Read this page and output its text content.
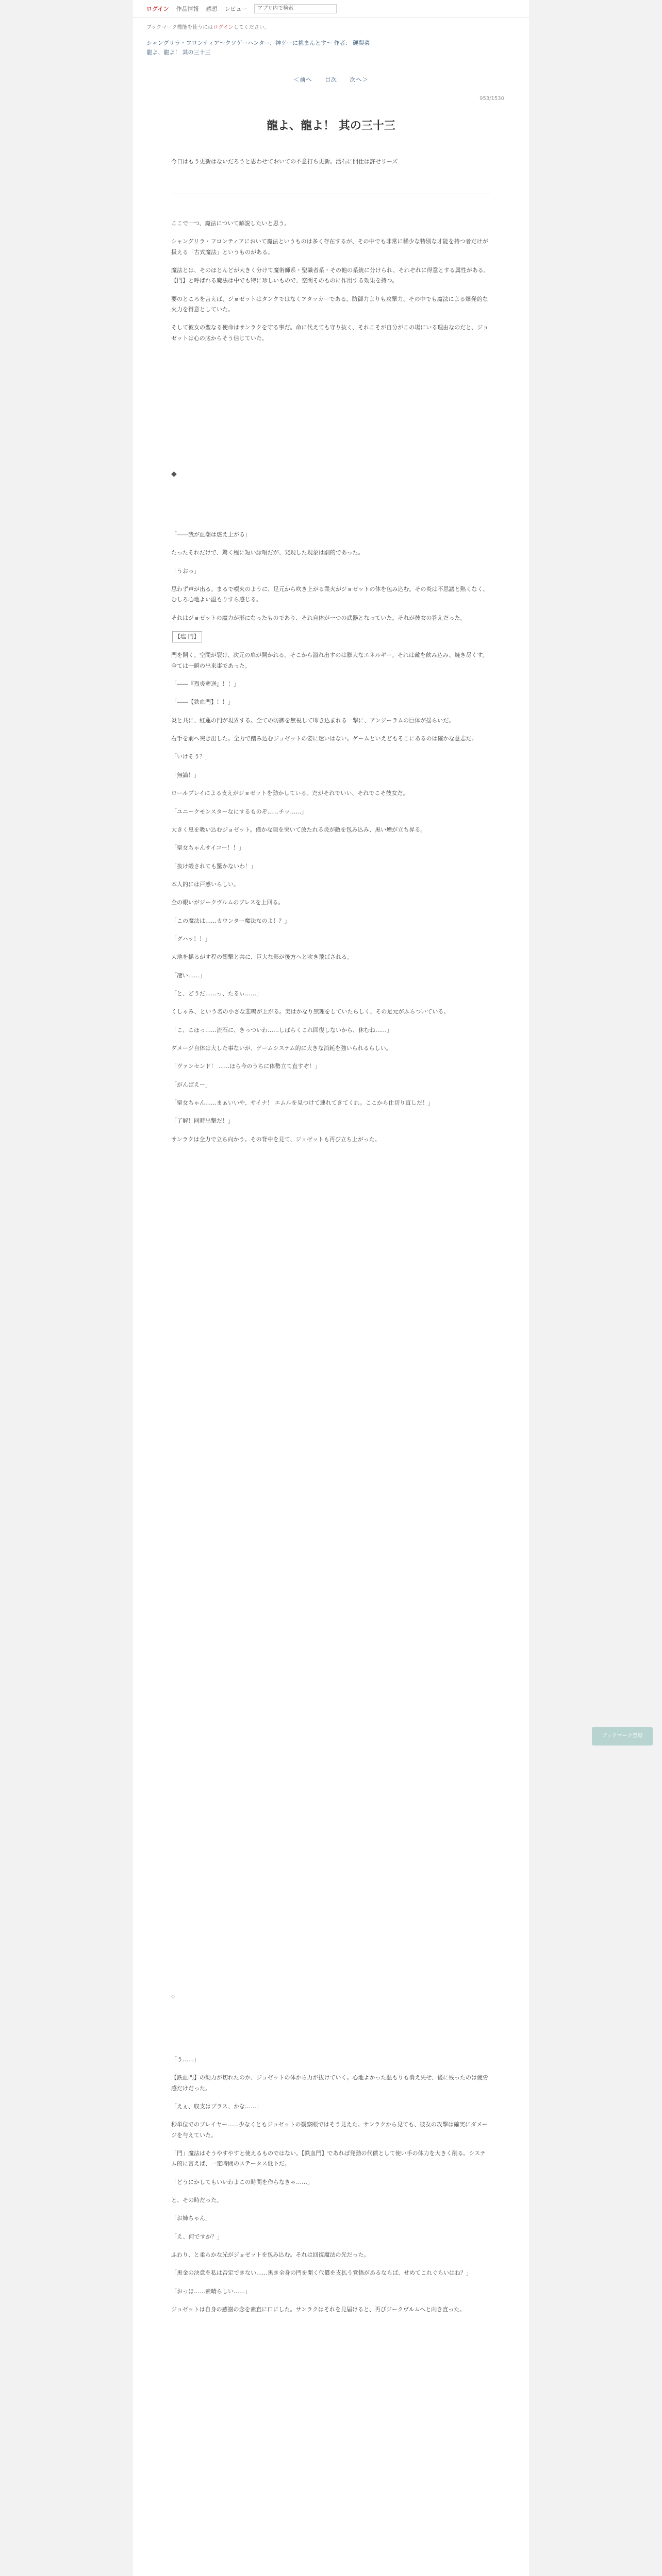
ログイン 作品情報 感想 レビュー
アプリ内で検索
ブックマーク機能を使うにはログインしてください。
シャングリラ・フロンティア～クソゲーハンター、神ゲーに挑まんとす～ 作者： 硬梨菜
龍よ、龍よ！ 其の三十三
＜前へ 目次 次へ＞
953/1530
龍よ、龍よ！ 其の三十三

今日はもう更新はないだろうと思わせておいての不意打ち更新。活石に開仕は許せリーズ

ここで一つ、魔法について解説したいと思う。

シャングリラ・フロンティアにおいて魔法というものは多く存在するが、その中でも非常に稀少な特別な才能を持つ者だけが扱える「古式魔法」というものがある。

魔法とは、そのほとんどが大きく分けて魔術師系・聖職者系・その他の系統に分けられ、それぞれに得意とする属性がある。【門】と呼ばれる魔法は中でも特に珍しいもので、空間そのものに作用する効果を持つ。

要のところを言えば、ジョゼットはタンクではなくアタッカーである。防御力よりも攻撃力、その中でも魔法による爆発的な火力を得意としていた。

そして彼女の聖なる使命はサンラクを守る事だ。命に代えても守り抜く、それこそが自分がこの場にいる理由なのだと、ジョゼットは心の底からそう信じていた。

◆

「――我が血潮は燃え上がる」

たったそれだけで、驚く程に短い詠唱だが、発現した現象は劇的であった。

「うおっ」

思わず声が出る。まるで噴火のように、足元から吹き上がる業火がジョゼットの体を包み込む。その炎は不思議と熱くなく、むしろ心地よい温もりすら感じる。

それはジョゼットの魔力が形になったものであり、それ自体が一つの武器となっていた。それが彼女の答えだった。

【塩 門】

門を開く。空間が裂け、次元の扉が開かれる。そこから溢れ出すのは膨大なエネルギー。それは敵を飲み込み、焼き尽くす。全ては一瞬の出来事であった。

「――『烈炎葬送』！！」

「――【鉄血門】！！」

炎と共に、紅蓮の門が現界する。全ての防御を無視して叩き込まれる一撃に、アンジーラムの巨体が揺らいだ。

右手を前へ突き出した。全力で踏み込むジョゼットの姿に迷いはない。ゲームといえどもそこにあるのは確かな意志だ。

「いけそう？」

「無論！」

ロールプレイによる支えがジョゼットを動かしている。だがそれでいい、それでこそ彼女だ。

「ユニークモンスターなにするものぞ……チッ……」

大きく息を吸い込むジョゼット。僅かな隙を突いて放たれる炎が敵を包み込み、黒い煙が立ち昇る。

「聖女ちゃんサイコー！！」

「抜け殻されても驚かないわ！」

本人的には戸惑いらしい。

全の眼いがジークヴルムのブレスを上回る。

「この魔法は……カウンター魔法なのよ！？」

「グハッ！！」

大地を揺るがす程の衝撃と共に、巨大な影が後方へと吹き飛ばされる。

「凄い……」

「と、どうだ……っ、たるぃ……」

くしゃみ、という名の小さな悲鳴が上がる。実はかなり無理をしていたらしく、その足元がふらついている。

「こ、こほっ……流石に、きっついわ……しばらくこれ回復しないから、休むね……」

ダメージ自体は大した事ないが、ゲームシステム的に大きな消耗を強いられるらしい。

「ヴァンセンド！ ……ほら今のうちに体勢立て直すぞ！」

「がんばえー」

「聖女ちゃん……まぁいいや、サイナ！ エムルを見つけて連れてきてくれ。ここから仕切り直しだ！」

「了解！同時出撃だ！」

サンラクは全力で立ち向かう。その背中を見て、ジョゼットも再び立ち上がった。

◇

「う……」

【鉄血門】の効力が切れたのか、ジョゼットの体から力が抜けていく。心地よかった温もりも消え失せ、後に残ったのは疲労感だけだった。

「えぇ、収支はプラス、かな……」

秒単位でのブレイヤー……少なくともジョゼットの観察眼ではそう見えた。サンラクから見ても、彼女の攻撃は確実にダメージを与えていた。

「門」魔法はそうやすやすと使えるものではない。【鉄血門】であれば発動の代償として使い手の体力を大きく削る。システム的に言えば、一定時間のステータス低下だ。

「どうにかしてもいいわよこの時間を作らなきゃ……」

と、その時だった。

「お姉ちゃん」

「え、何ですか？」

ふわり、と柔らかな光がジョゼットを包み込む。それは回復魔法の光だった。

「黒金の決意を私は否定できない……黒き全身の門を開く代償を支払う覚悟があるならば、せめてこれぐらいはね？」

「おっほ……素晴らしい……」

ジョゼットは自身の感謝の念を素直に口にした。サンラクはそれを見届けると、再びジークヴルムへと向き直った。

ブックマーク登録
